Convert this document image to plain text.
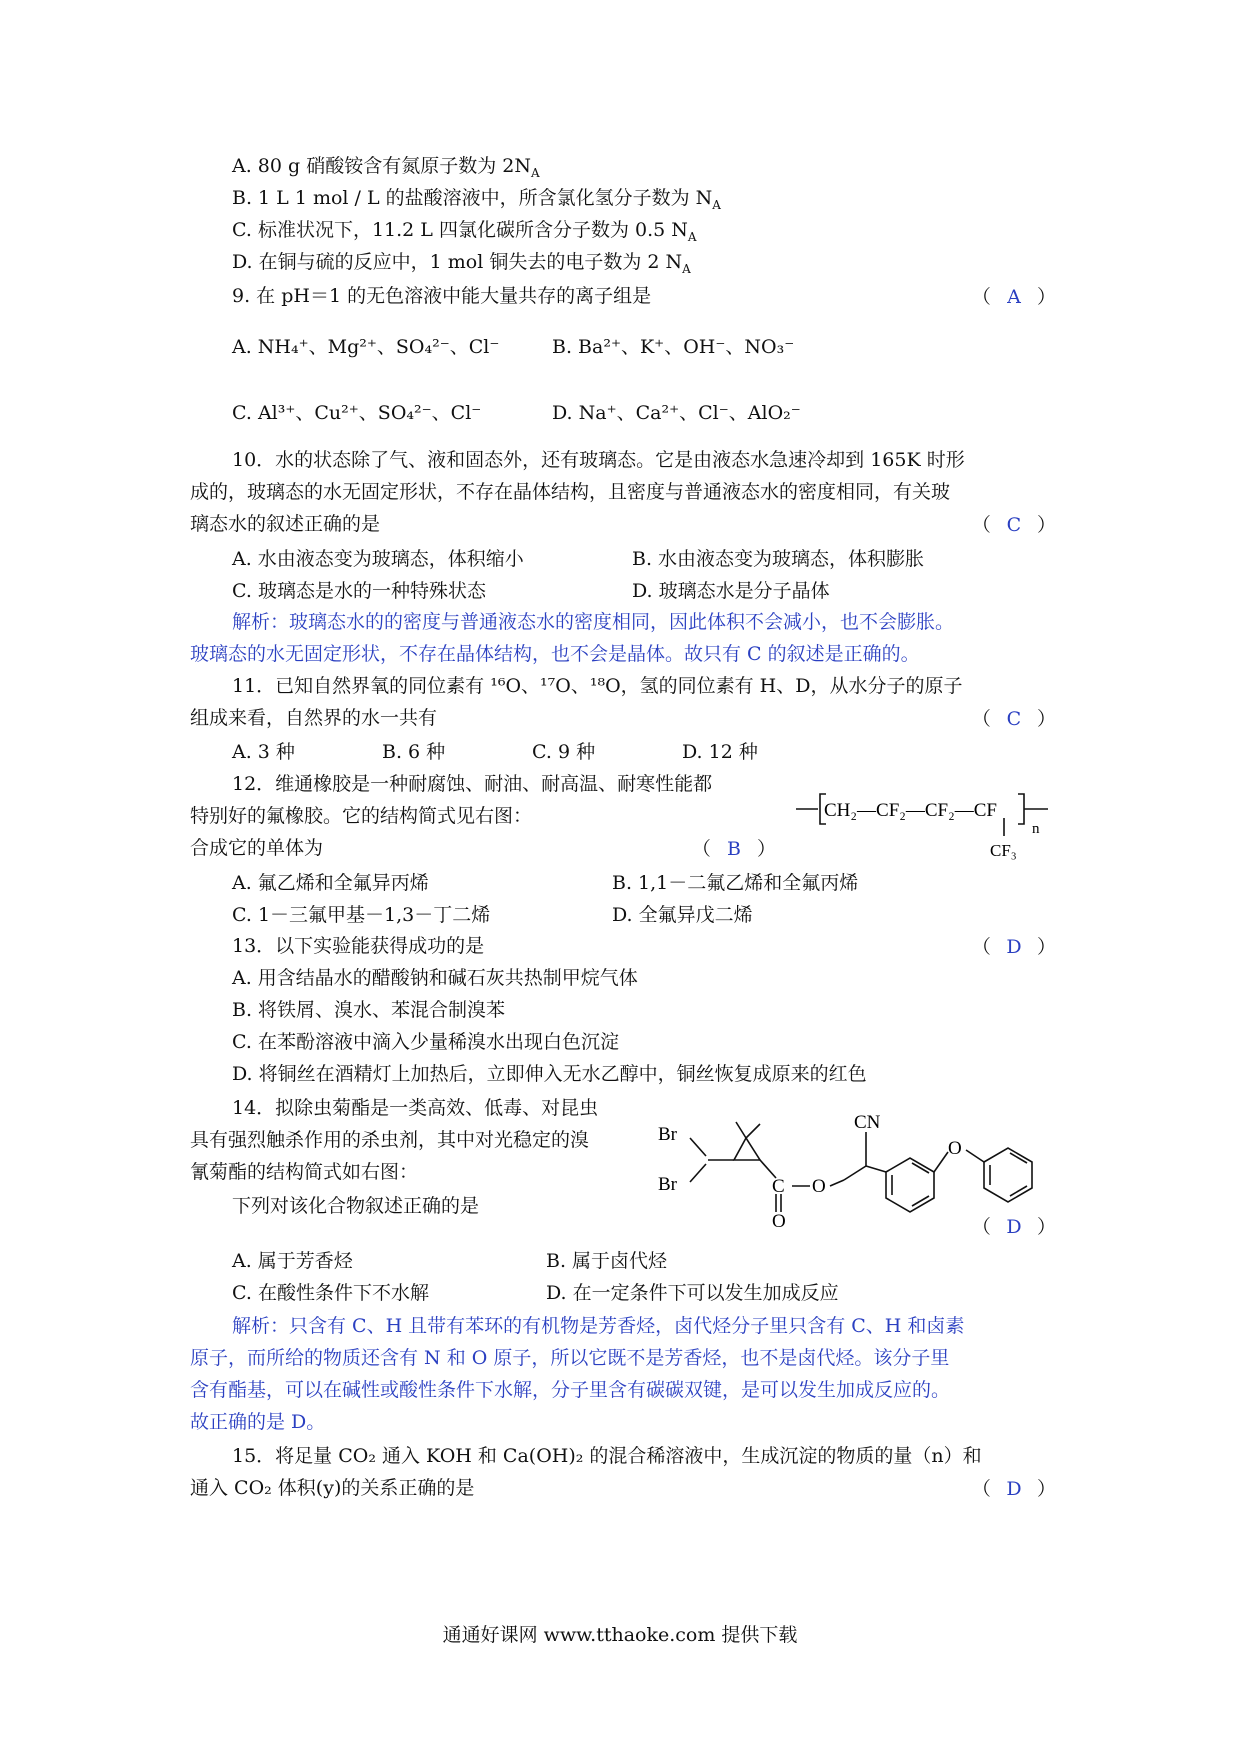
A. 80 g 硝酸铵含有氮原子数为 $2N_A$
B. 1 L 1 mol / L 的盐酸溶液中，所含氯化氢分子数为 $N_A$
C. 标准状况下，11.2 L 四氯化碳所含分子数为 0.5 $N_A$
D. 在铜与硫的反应中，1 mol 铜失去的电子数为 2 $N_A$
9. 在 pH＝1 的无色溶液中能大量共存的离子组是	（ A ）
A. NH₄⁺、Mg²⁺、SO₄²⁻、Cl⁻	B. Ba²⁺、K⁺、OH⁻、NO₃⁻
C. Al³⁺、Cu²⁺、SO₄²⁻、Cl⁻	D. Na⁺、Ca²⁺、Cl⁻、AlO₂⁻
10．水的状态除了气、液和固态外，还有玻璃态。它是由液态水急速冷却到 165K 时形
成的，玻璃态的水无固定形状，不存在晶体结构，且密度与普通液态水的密度相同，有关玻
璃态水的叙述正确的是	（ C ）
A. 水由液态变为玻璃态，体积缩小	B. 水由液态变为玻璃态，体积膨胀
C. 玻璃态是水的一种特殊状态	D. 玻璃态水是分子晶体
解析：玻璃态水的的密度与普通液态水的密度相同，因此体积不会减小，也不会膨胀。
玻璃态的水无固定形状，不存在晶体结构，也不会是晶体。故只有 C 的叙述是正确的。
11．已知自然界氧的同位素有 ¹⁶O、¹⁷O、¹⁸O，氢的同位素有 H、D，从水分子的原子
组成来看，自然界的水一共有	（ C ）
A. 3 种	B. 6 种	C. 9 种	D. 12 种
12．维通橡胶是一种耐腐蚀、耐油、耐高温、耐寒性能都
特别好的氟橡胶。它的结构简式见右图：
合成它的单体为	（ B ）
CH₂—CF₂—CF₂—CF
n
CF₃
A. 氟乙烯和全氟异丙烯	B. 1,1－二氟乙烯和全氟丙烯
C. 1－三氟甲基－1,3－丁二烯	D. 全氟异戊二烯
13．以下实验能获得成功的是	（ D ）
A. 用含结晶水的醋酸钠和碱石灰共热制甲烷气体
B. 将铁屑、溴水、苯混合制溴苯
C. 在苯酚溶液中滴入少量稀溴水出现白色沉淀
D. 将铜丝在酒精灯上加热后，立即伸入无水乙醇中，铜丝恢复成原来的红色
14．拟除虫菊酯是一类高效、低毒、对昆虫
具有强烈触杀作用的杀虫剂，其中对光稳定的溴
氰菊酯的结构简式如右图：
下列对该化合物叙述正确的是
Br
Br	C
O
O
CN
O
（ D ）
A. 属于芳香烃	B. 属于卤代烃
C. 在酸性条件下不水解	D. 在一定条件下可以发生加成反应
解析：只含有 C、H 且带有苯环的有机物是芳香烃，卤代烃分子里只含有 C、H 和卤素
原子，而所给的物质还含有 N 和 O 原子，所以它既不是芳香烃，也不是卤代烃。该分子里
含有酯基，可以在碱性或酸性条件下水解，分子里含有碳碳双键，是可以发生加成反应的。
故正确的是 D。
15．将足量 CO₂ 通入 KOH 和 Ca(OH)₂ 的混合稀溶液中，生成沉淀的物质的量（n）和
通入 CO₂ 体积(y)的关系正确的是	（ D ）
通通好课网 www.tthaoke.com 提供下载
